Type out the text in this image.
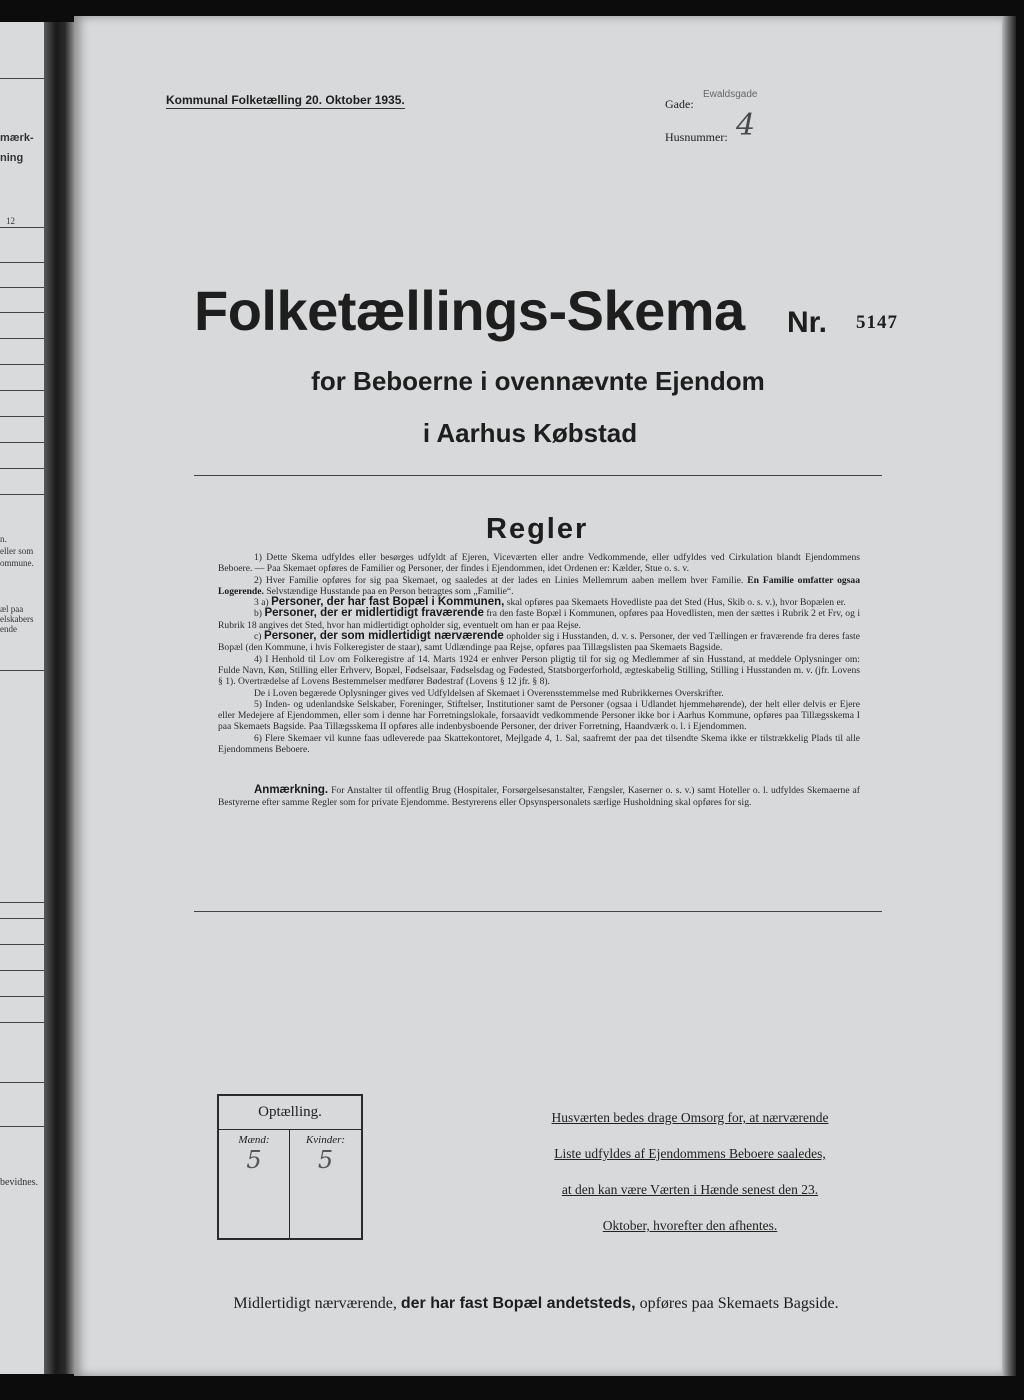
mærk-
ning
12
n.
eller som
ommune.
æl paa
elskabers
ende
bevidnes.
Kommunal Folketælling 20. Oktober 1935.	Gade:
Ewaldsgade
Husnummer: 4
Folketællings-Skema Nr. 5147
for Beboerne i ovennævnte Ejendom
i Aarhus Købstad
Regler

1) Dette Skema udfyldes eller besørges udfyldt af Ejeren, Viceværten eller andre Vedkommende, eller udfyldes ved Cirkulation blandt Ejendommens Beboere. — Paa Skemaet opføres de Familier og Personer, der findes i Ejendommen, idet Ordenen er: Kælder, Stue o. s. v.

2) Hver Familie opføres for sig paa Skemaet, og saaledes at der lades en Linies Mellemrum aaben mellem hver Familie. En Familie omfatter ogsaa Logerende. Selvstændige Husstande paa en Person betragtes som „Familie“.

3 a) Personer, der har fast Bopæl i Kommunen, skal opføres paa Skemaets Hovedliste paa det Sted (Hus, Skib o. s. v.), hvor Bopælen er.

b) Personer, der er midlertidigt fraværende fra den faste Bopæl i Kommunen, opføres paa Hovedlisten, men der sættes i Rubrik 2 et Frv, og i Rubrik 18 angives det Sted, hvor han midlertidigt opholder sig, eventuelt om han er paa Rejse.

c) Personer, der som midlertidigt nærværende opholder sig i Husstanden, d. v. s. Personer, der ved Tællingen er fraværende fra deres faste Bopæl (den Kommune, i hvis Folkeregister de staar), samt Udlændinge paa Rejse, opføres paa Tillægslisten paa Skemaets Bagside.

4) I Henhold til Lov om Folkeregistre af 14. Marts 1924 er enhver Person pligtig til for sig og Medlemmer af sin Husstand, at meddele Oplysninger om: Fulde Navn, Køn, Stilling eller Erhverv, Bopæl, Fødselsaar, Fødselsdag og Fødested, Statsborgerforhold, ægteskabelig Stilling, Stilling i Husstanden m. v. (jfr. Lovens § 1). Overtrædelse af Lovens Bestemmelser medfører Bødestraf (Lovens § 12 jfr. § 8).

De i Loven begærede Oplysninger gives ved Udfyldelsen af Skemaet i Overensstemmelse med Rubrikkernes Overskrifter.

5) Inden- og udenlandske Selskaber, Foreninger, Stiftelser, Institutioner samt de Personer (ogsaa i Udlandet hjemmehørende), der helt eller delvis er Ejere eller Medejere af Ejendommen, eller som i denne har Forretningslokale, forsaavidt vedkommende Personer ikke bor i Aarhus Kommune, opføres paa Tillægsskema I paa Skemaets Bagside. Paa Tillægsskema II opføres alle indenbysboende Personer, der driver Forretning, Haandværk o. l. i Ejendommen.

6) Flere Skemaer vil kunne faas udleverede paa Skattekontoret, Mejlgade 4, 1. Sal, saafremt der paa det tilsendte Skema ikke er tilstrækkelig Plads til alle Ejendommens Beboere.

Anmærkning. For Anstalter til offentlig Brug (Hospitaler, Forsørgelsesanstalter, Fængsler, Kaserner o. s. v.) samt Hoteller o. l. udfyldes Skemaerne af Bestyrerne efter samme Regler som for private Ejendomme. Bestyrerens eller Opsynspersonalets særlige Husholdning skal opføres for sig.

Optælling.
Mænd:
5
Kvinder:
5
Husværten bedes drage Omsorg for, at nærværende
Liste udfyldes af Ejendommens Beboere saaledes,
at den kan være Værten i Hænde senest den 23.
Oktober, hvorefter den afhentes.
Midlertidigt nærværende, der har fast Bopæl andetsteds, opføres paa Skemaets Bagside.
